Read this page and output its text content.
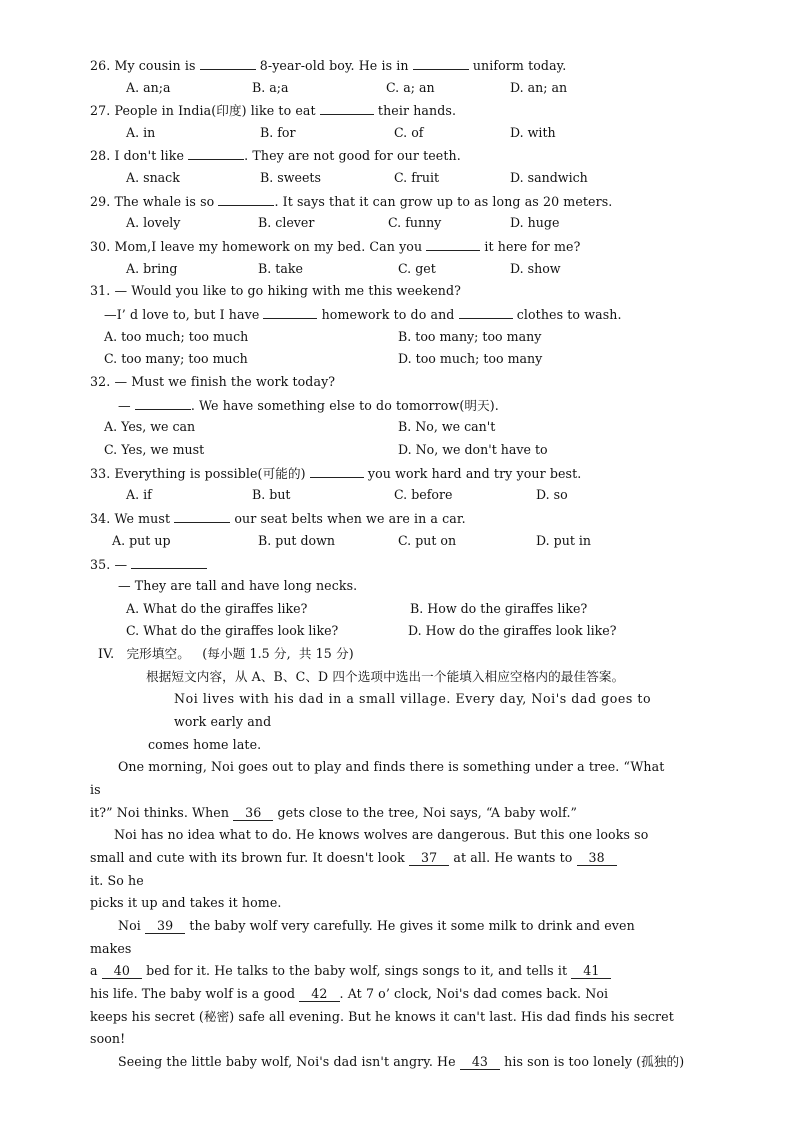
26. My cousin is	8-year-old boy. He is in	uniform today.
A. an;a	B. a;a	C. a; an	D. an; an
27. People in India(印度) like to eat	their hands.
A. in	B. for	C. of	D. with
28. I don't like	. They are not good for our teeth.
A. snack	B. sweets	C. fruit	D. sandwich
29. The whale is so	. It says that it can grow up to as long as 20 meters.
A. lovely	B. clever	C. funny	D. huge
30. Mom,I leave my homework on my bed. Can you	it here for me?
A. bring	B. take	C. get	D. show
31. — Would you like to go hiking with me this weekend?
—I’ d love to, but I have	homework to do and	clothes to wash.
A. too much; too much	B. too many; too many
C. too many; too much	D. too much; too many
32. — Must we finish the work today?
—	. We have something else to do tomorrow(明天).
A. Yes, we can	B. No, we can't
C. Yes, we must	D. No, we don't have to
33. Everything is possible(可能的)	you work hard and try your best.
A. if	B. but	C. before	D. so
34. We must	our seat belts when we are in a car.
A. put up	B. put down	C. put on	D. put in
35. —
— They are tall and have long necks.
A. What do the giraffes like?	B. How do the giraffes like?
C. What do the giraffes look like?	D. How do the giraffes look like?
IV.   完形填空。   (每小题 1.5 分,  共 15 分)
根据短文内容，从 A、B、C、D 四个选项中选出一个能填入相应空格内的最佳答案。
Noi lives with his dad in a small village. Every day, Noi's dad goes to
work early and
comes home late.
One morning, Noi goes out to play and finds there is something under a tree. “What
is
it?” Noi thinks. When 36 gets close to the tree, Noi says, “A baby wolf.”
Noi has no idea what to do. He knows wolves are dangerous. But this one looks so
small and cute with its brown fur. It doesn't look 37 at all. He wants to 38
it. So he
picks it up and takes it home.
Noi 39 the baby wolf very carefully. He gives it some milk to drink and even
makes
a 40 bed for it. He talks to the baby wolf, sings songs to it, and tells it 41
his life. The baby wolf is a good 42 . At 7 o’ clock, Noi's dad comes back. Noi
keeps his secret (秘密) safe all evening. But he knows it can't last. His dad finds his secret
soon!
Seeing the little baby wolf, Noi's dad isn't angry. He 43 his son is too lonely (孤独的)
